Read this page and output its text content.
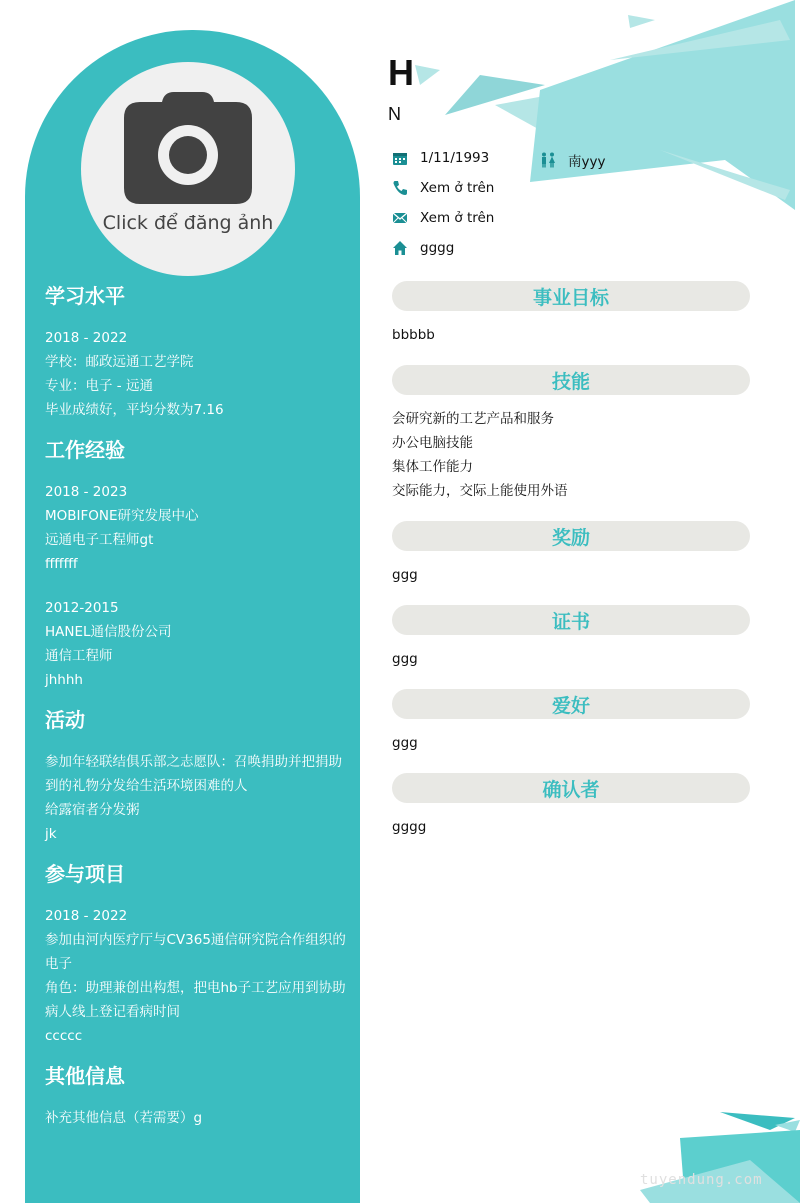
Click để đăng ảnh
学习水平

2018 - 2022

学校：邮政远通工艺学院

专业：电子 - 远通

毕业成绩好，平均分数为7.16

工作经验

2018 - 2023

MOBIFONE研究发展中心

远通电子工程师gt

fffffff

2012-2015

HANEL通信股份公司

通信工程师

jhhhh

活动

参加年轻联结俱乐部之志愿队：召唤捐助并把捐助到的礼物分发给生活环境困难的人

给露宿者分发粥

jk

参与项目

2018 - 2022

参加由河内医疗厅与CV365通信研究院合作组织的电子

角色：助理兼创出构想，把电hb子工艺应用到协助病人线上登记看病时间

ccccc

其他信息

补充其他信息（若需要）g

H
N
1/11/1993	南yyy
Xem ở trên
Xem ở trên
gggg
事业目标
bbbbb
技能
会研究新的工艺产品和服务
办公电脑技能
集体工作能力
交际能力，交际上能使用外语
奖励
ggg
证书
ggg
爱好
ggg
确认者
gggg
tuyendung.com
